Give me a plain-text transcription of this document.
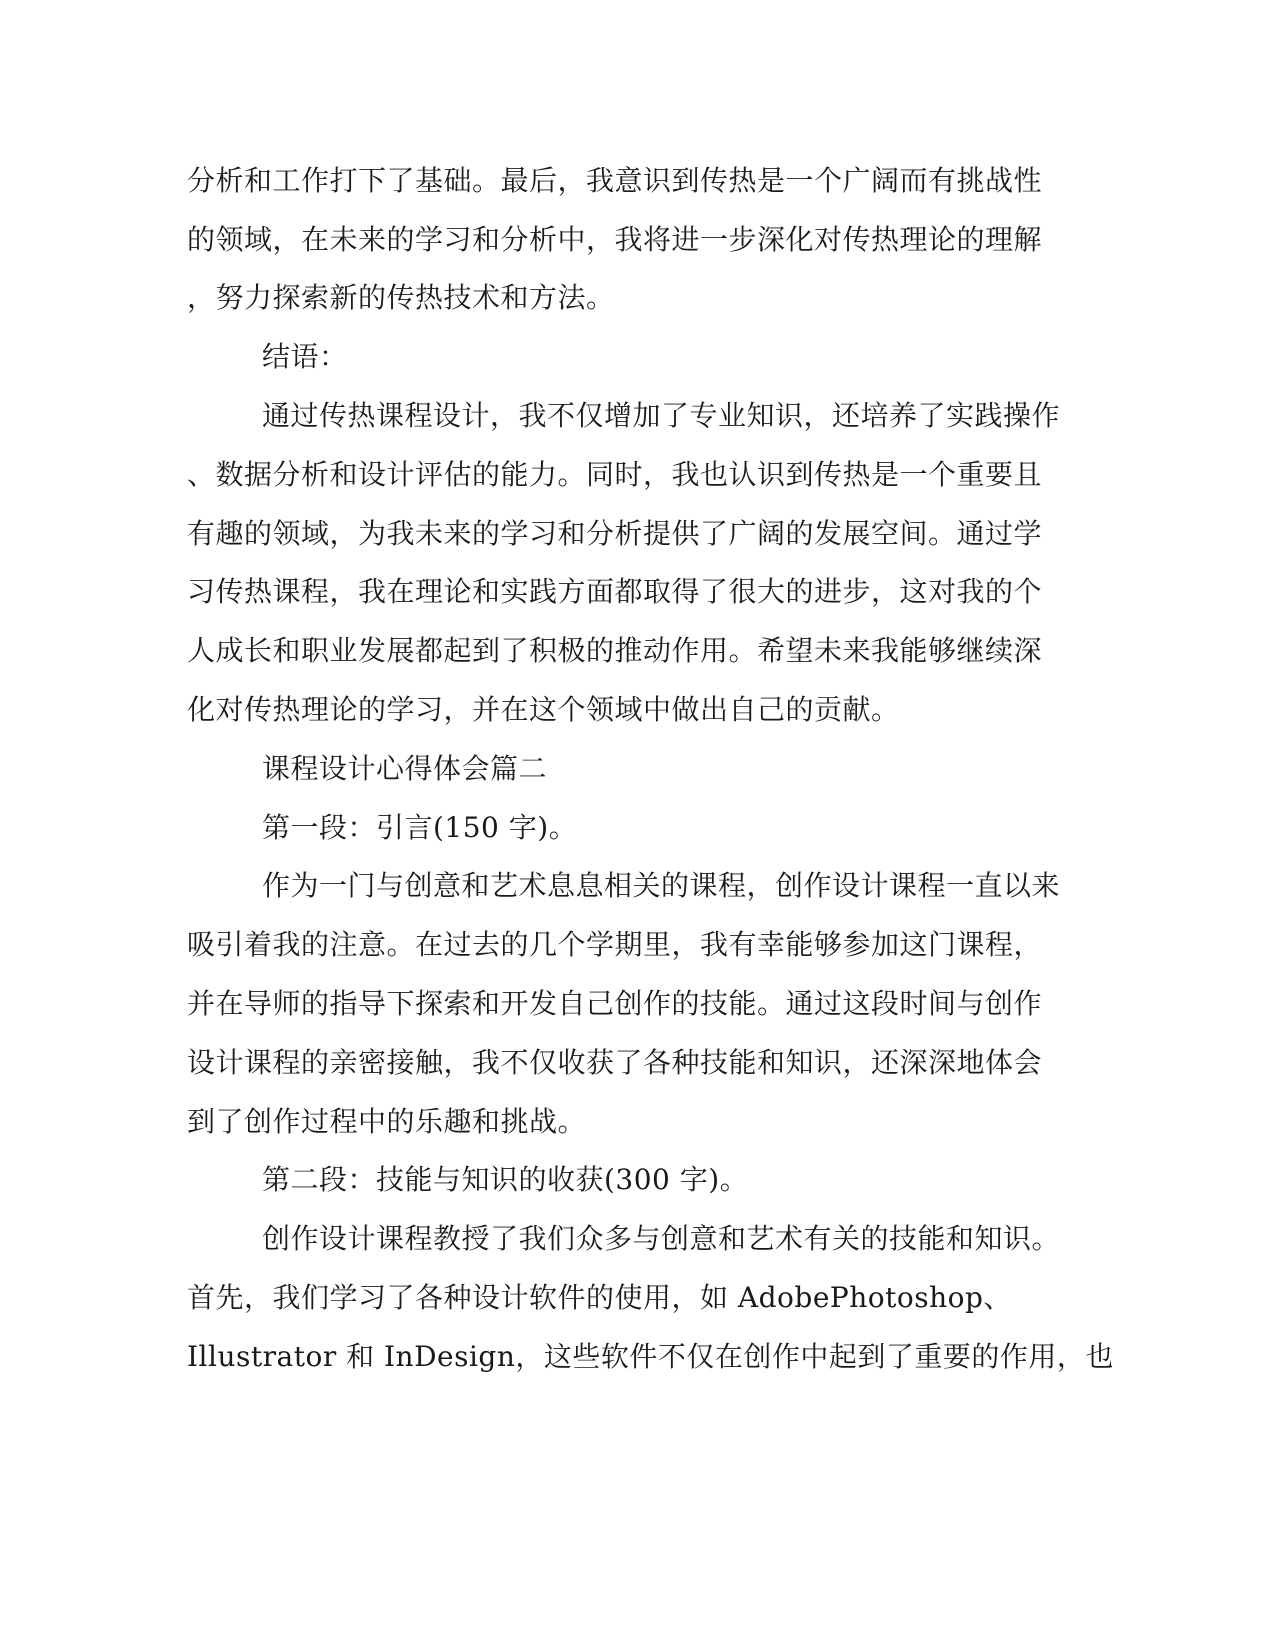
分析和工作打下了基础。最后，我意识到传热是一个广阔而有挑战性
的领域，在未来的学习和分析中，我将进一步深化对传热理论的理解
，努力探索新的传热技术和方法。
结语：
通过传热课程设计，我不仅增加了专业知识，还培养了实践操作
、数据分析和设计评估的能力。同时，我也认识到传热是一个重要且
有趣的领域，为我未来的学习和分析提供了广阔的发展空间。通过学
习传热课程，我在理论和实践方面都取得了很大的进步，这对我的个
人成长和职业发展都起到了积极的推动作用。希望未来我能够继续深
化对传热理论的学习，并在这个领域中做出自己的贡献。
课程设计心得体会篇二
第一段：引言(150 字)。
作为一门与创意和艺术息息相关的课程，创作设计课程一直以来
吸引着我的注意。在过去的几个学期里，我有幸能够参加这门课程，
并在导师的指导下探索和开发自己创作的技能。通过这段时间与创作
设计课程的亲密接触，我不仅收获了各种技能和知识，还深深地体会
到了创作过程中的乐趣和挑战。
第二段：技能与知识的收获(300 字)。
创作设计课程教授了我们众多与创意和艺术有关的技能和知识。
首先，我们学习了各种设计软件的使用，如 AdobePhotoshop、
Illustrator 和 InDesign，这些软件不仅在创作中起到了重要的作用，也
